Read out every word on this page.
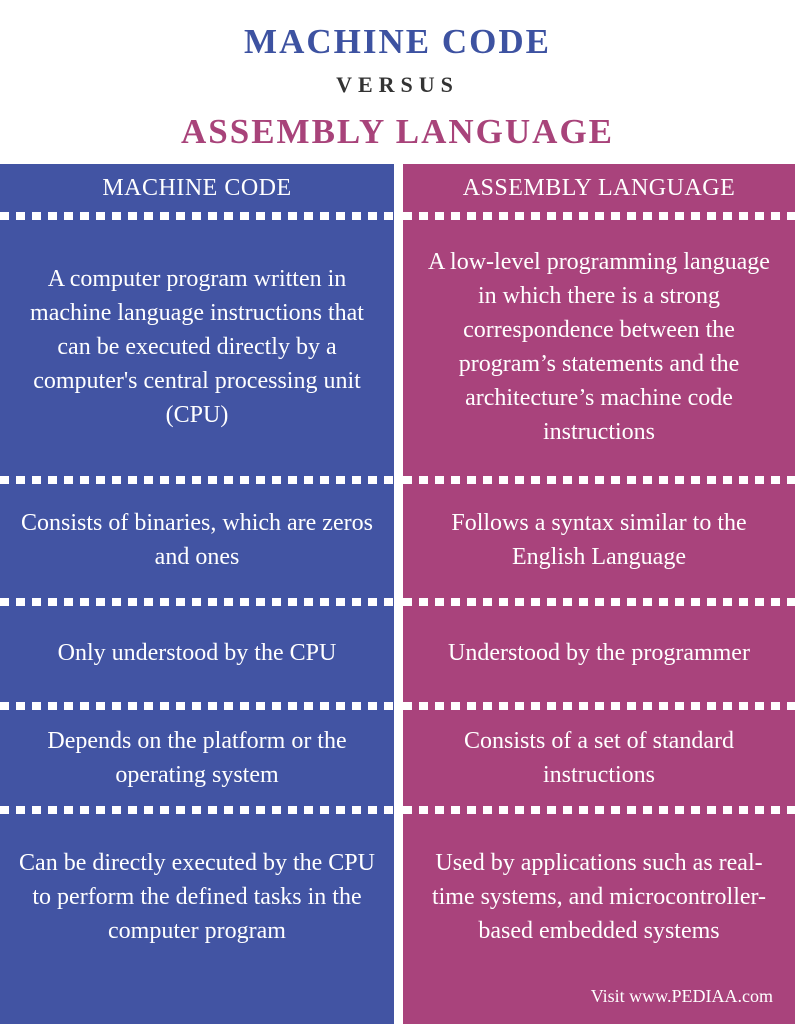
MACHINE CODE
VERSUS
ASSEMBLY LANGUAGE
MACHINE CODE
A computer program written in machine language instructions that can be executed directly by a computer's central processing unit (CPU)
Consists of binaries, which are zeros and ones
Only understood by the CPU
Depends on the platform or the operating system
Can be directly executed by the CPU to perform the defined tasks in the computer program
ASSEMBLY LANGUAGE
A low-level programming language in which there is a strong correspondence between the program’s statements and the architecture’s machine code instructions
Follows a syntax similar to the English Language
Understood by the programmer
Consists of a set of standard instructions
Used by applications such as real-time systems, and microcontroller-based embedded systems
Visit www.PEDIAA.com
